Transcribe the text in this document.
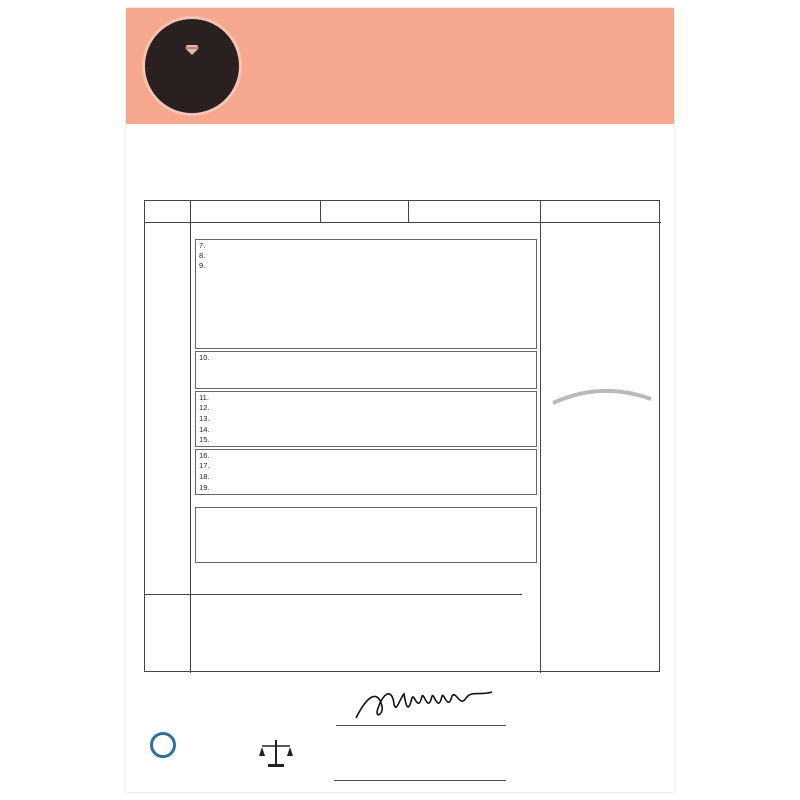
7.
8.
9.
10.
11.
12.
13.
14.
15.
16.
17.
18.
19.
